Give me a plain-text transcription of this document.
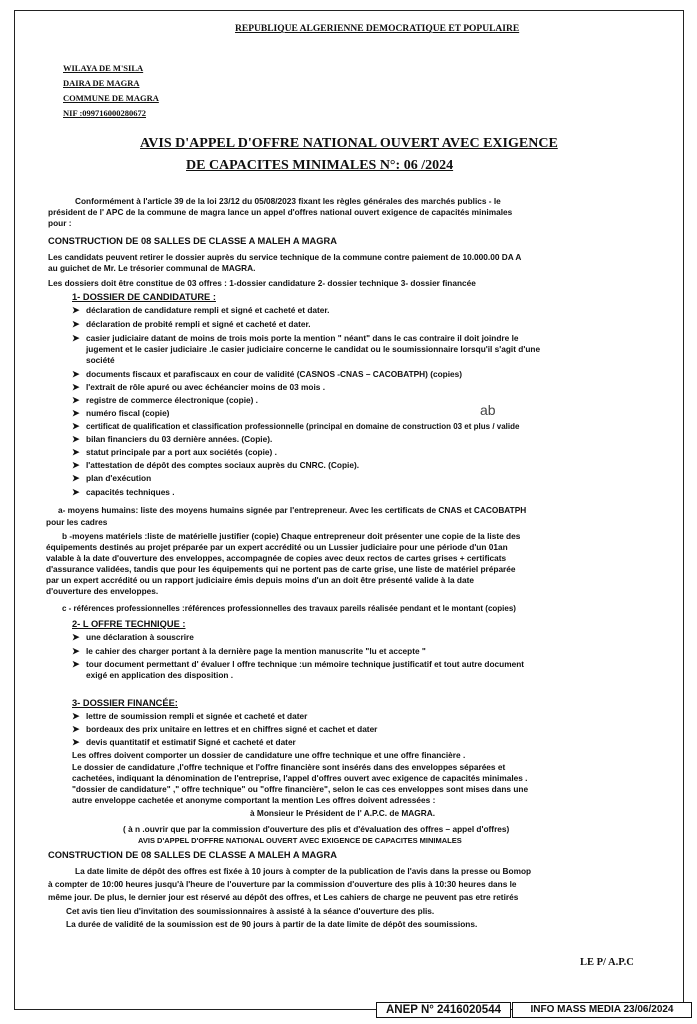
REPUBLIQUE ALGERIENNE DEMOCRATIQUE ET POPULAIRE
WILAYA DE M'SILA
DAIRA DE MAGRA
COMMUNE DE MAGRA
NIF :099716000280672
AVIS D'APPEL D'OFFRE NATIONAL OUVERT AVEC EXIGENCE
DE CAPACITES MINIMALES N°: 06 /2024
Conformément à l'article 39 de la loi 23/12 du 05/08/2023 fixant les règles générales des marchés publics - le
président de l' APC de la commune de magra lance un appel d'offres national ouvert exigence de capacités minimales
pour :
CONSTRUCTION DE 08 SALLES DE CLASSE A MALEH A MAGRA
Les candidats peuvent retirer le dossier auprès du service technique de la commune contre paiement de 10.000.00 DA A
au guichet de Mr. Le trésorier communal de MAGRA.
Les dossiers doit être constitue de 03 offres : 1-dossier candidature 2- dossier technique 3- dossier financée
1- DOSSIER DE CANDIDATURE :
➤ déclaration de candidature rempli et signé et cacheté et dater.
➤ déclaration de probité rempli et signé et cacheté et dater.
➤ casier judiciaire datant de moins de trois mois porte la mention " néant" dans le cas contraire il doit joindre le
jugement et le casier judiciaire .le casier judiciaire concerne le candidat ou le soumissionnaire lorsqu'il s'agit d'une
société
➤ documents fiscaux et parafiscaux en cour de validité (CASNOS -CNAS – CACOBATPH) (copies)
➤ l'extrait de rôle apuré ou avec échéancier moins de 03 mois .
➤ registre de commerce électronique (copie) .
➤ numéro fiscal (copie)	ab
➤ certificat de qualification et classification professionnelle (principal en domaine de construction 03 et plus / valide
➤ bilan financiers du 03 dernière années. (Copie).
➤ statut principale par a port aux sociétés (copie) .
➤ l'attestation de dépôt des comptes sociaux auprès du CNRC. (Copie).
➤ plan d'exécution
➤ capacités techniques .
a- moyens humains: liste des moyens humains signée par l'entrepreneur. Avec les certificats de CNAS et CACOBATPH
pour les cadres
b -moyens matériels :liste de matérielle justifier (copie) Chaque entrepreneur doit présenter une copie de la liste des
équipements destinés au projet préparée par un expert accrédité ou un Lussier judiciaire pour une période d'un 01an
valable à la date d'ouverture des enveloppes, accompagnée de copies avec deux rectos de cartes grises + certificats
d'assurance validées, tandis que pour les équipements qui ne portent pas de carte grise, une liste de matériel préparée
par un expert accrédité ou un rapport judiciaire émis depuis moins d'un an doit être présenté valide à la date
d'ouverture des enveloppes.
c - références professionnelles :références professionnelles des travaux pareils réalisée pendant et le montant (copies)
2- L OFFRE TECHNIQUE :
➤ une déclaration à souscrire
➤ le cahier des charger portant à la dernière page la mention manuscrite "lu et accepte "
➤ tour document permettant d' évaluer l offre technique :un mémoire technique justificatif et tout autre document
exigé en application des disposition .
3- DOSSIER FINANCÉE:
➤ lettre de soumission rempli et signée et cacheté et dater
➤ bordeaux des prix unitaire en lettres et en chiffres signé et cachet et dater
➤ devis quantitatif et estimatif Signé et cacheté et dater
Les offres doivent comporter un dossier de candidature une offre technique et une offre financière .
Le dossier de candidature ,l'offre technique et l'offre financière sont insérés dans des enveloppes séparées et
cachetées, indiquant la dénomination de l'entreprise, l'appel d'offres ouvert avec exigence de capacités minimales .
"dossier de candidature" ," offre technique" ou "offre financière", selon le cas ces enveloppes sont mises dans une
autre enveloppe cachetée et anonyme comportant la mention Les offres doivent adressées :
à Monsieur le Président de l' A.P.C. de MAGRA.
( à n .ouvrir que par la commission d'ouverture des plis et d'évaluation des offres – appel d'offres)
AVIS D'APPEL D'OFFRE NATIONAL OUVERT AVEC EXIGENCE DE CAPACITES MINIMALES
CONSTRUCTION DE 08 SALLES DE CLASSE A MALEH A MAGRA
La date limite de dépôt des offres est fixée à 10 jours à compter de la publication de l'avis dans la presse ou Bomop
à compter de 10:00 heures jusqu'à l'heure de l'ouverture par la commission d'ouverture des plis à 10:30 heures dans le
même jour. De plus, le dernier jour est réservé au dépôt des offres, et Les cahiers de charge ne peuvent pas etre retirés
Cet avis tien lieu d'invitation des soumissionnaires à assisté à la séance d'ouverture des plis.
La durée de validité de la soumission est de 90 jours à partir de la date limite de dépôt des soumissions.
LE P/ A.P.C
ANEP N° 2416020544	INFO MASS MEDIA 23/06/2024
